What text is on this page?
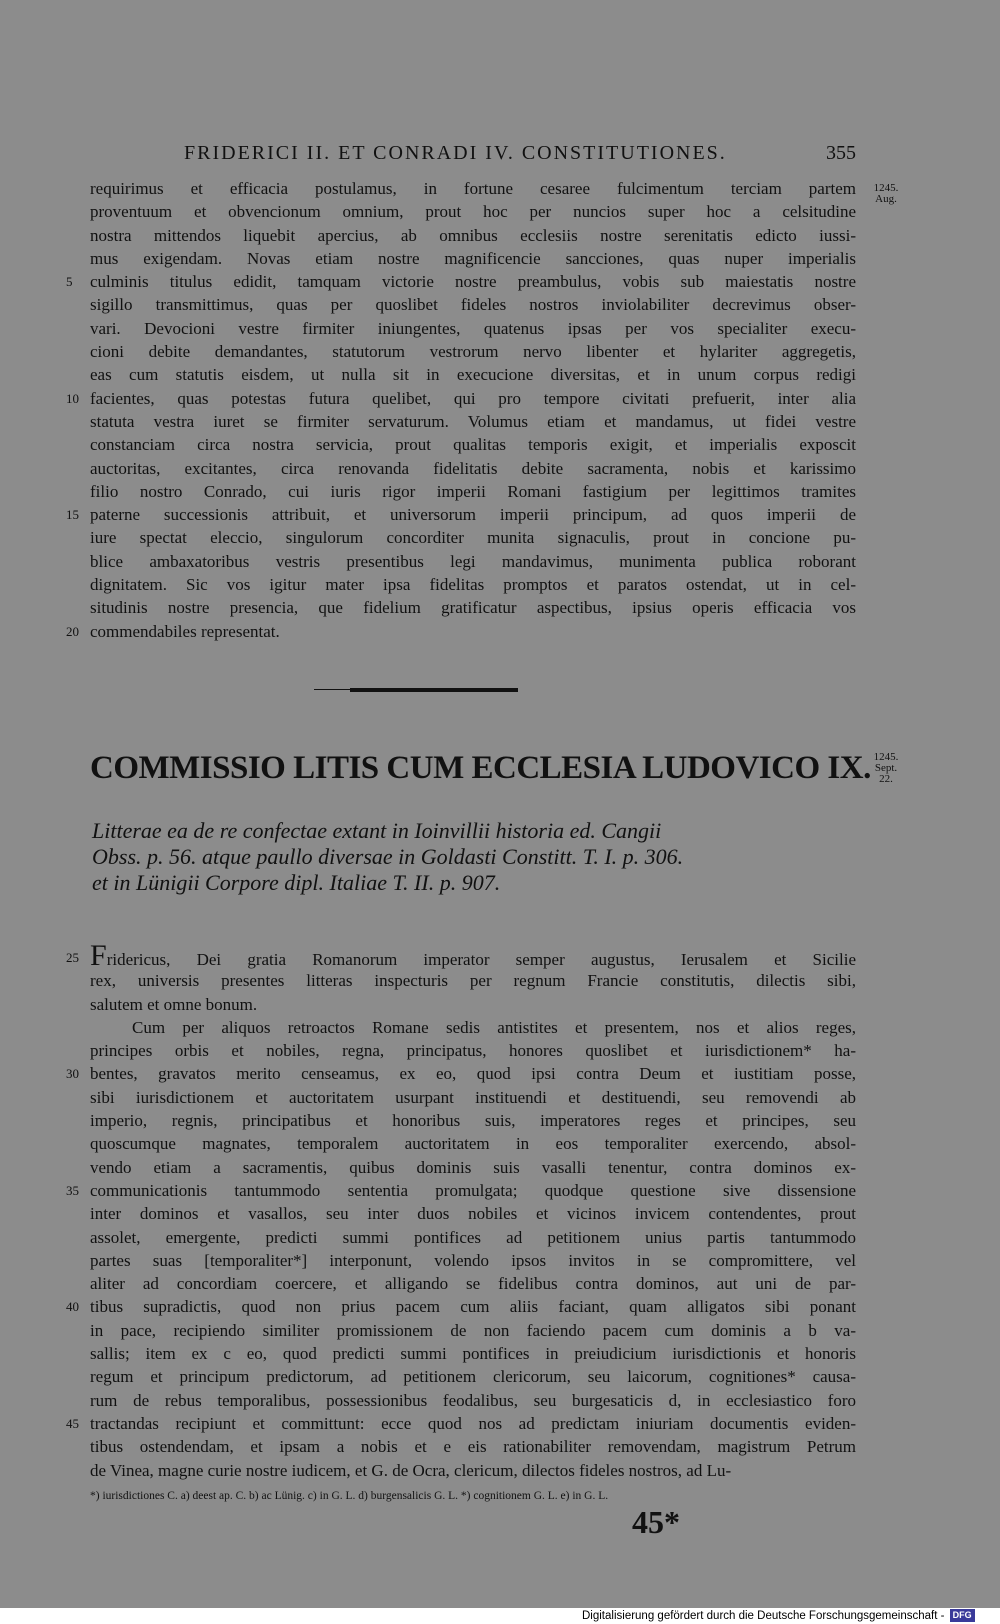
FRIDERICI II. ET CONRADI IV. CONSTITUTIONES.	355
1245.
Aug.
requirimus et efficacia postulamus, in fortune cesaree fulcimentum terciam partem
proventuum et obvencionum omnium, prout hoc per nuncios super hoc a celsitudine
nostra mittendos liquebit apercius, ab omnibus ecclesiis nostre serenitatis edicto iussi-
mus exigendam. Novas etiam nostre magnificencie sancciones, quas nuper imperialis
culminis titulus edidit, tamquam victorie nostre preambulus, vobis sub maiestatis nostre
5
sigillo transmittimus, quas per quoslibet fideles nostros inviolabiliter decrevimus obser-
vari. Devocioni vestre firmiter iniungentes, quatenus ipsas per vos specialiter execu-
cioni debite demandantes, statutorum vestrorum nervo libenter et hylariter aggregetis,
eas cum statutis eisdem, ut nulla sit in execucione diversitas, et in unum corpus redigi
facientes, quas potestas futura quelibet, qui pro tempore civitati prefuerit, inter alia
10
statuta vestra iuret se firmiter servaturum. Volumus etiam et mandamus, ut fidei vestre
constanciam circa nostra servicia, prout qualitas temporis exigit, et imperialis exposcit
auctoritas, excitantes, circa renovanda fidelitatis debite sacramenta, nobis et karissimo
filio nostro Conrado, cui iuris rigor imperii Romani fastigium per legittimos tramites
paterne successionis attribuit, et universorum imperii principum, ad quos imperii de
15
iure spectat eleccio, singulorum concorditer munita signaculis, prout in concione pu-
blice ambaxatoribus vestris presentibus legi mandavimus, munimenta publica roborant
dignitatem. Sic vos igitur mater ipsa fidelitas promptos et paratos ostendat, ut in cel-
situdinis nostre presencia, que fidelium gratificatur aspectibus, ipsius operis efficacia vos
commendabiles representat.
20
COMMISSIO LITIS CUM ECCLESIA LUDOVICO IX. 1245.
Sept.
22.
Litterae ea de re confectae extant in Ioinvillii historia ed. Cangii
Obss. p. 56. atque paullo diversae in Goldasti Constitt. T. I. p. 306.
et in Lünigii Corpore dipl. Italiae T. II. p. 907.
Fridericus, Dei gratia Romanorum imperator semper augustus, Ierusalem et Sicilie
25
rex, universis presentes litteras inspecturis per regnum Francie constitutis, dilectis sibi,
salutem et omne bonum.
Cum per aliquos retroactos Romane sedis antistites et presentem, nos et alios reges,
principes orbis et nobiles, regna, principatus, honores quoslibet et iurisdictionem* ha-
bentes, gravatos merito censeamus, ex eo, quod ipsi contra Deum et iustitiam posse,
30
sibi iurisdictionem et auctoritatem usurpant instituendi et destituendi, seu removendi ab
imperio, regnis, principatibus et honoribus suis, imperatores reges et principes, seu
quoscumque magnates, temporalem auctoritatem in eos temporaliter exercendo, absol-
vendo etiam a sacramentis, quibus dominis suis vasalli tenentur, contra dominos ex-
communicationis tantummodo sententia promulgata; quodque questione sive dissensione
35
inter dominos et vasallos, seu inter duos nobiles et vicinos invicem contendentes, prout
assolet, emergente, predicti summi pontifices ad petitionem unius partis tantummodo
partes suas [temporaliter*] interponunt, volendo ipsos invitos in se compromittere, vel
aliter ad concordiam coercere, et alligando se fidelibus contra dominos, aut uni de par-
tibus supradictis, quod non prius pacem cum aliis faciant, quam alligatos sibi ponant
40
in pace, recipiendo similiter promissionem de non faciendo pacem cum dominis a b va-
sallis; item ex c eo, quod predicti summi pontifices in preiudicium iurisdictionis et honoris
regum et principum predictorum, ad petitionem clericorum, seu laicorum, cognitiones* causa-
rum de rebus temporalibus, possessionibus feodalibus, seu burgesaticis d, in ecclesiastico foro
tractandas recipiunt et committunt: ecce quod nos ad predictam iniuriam documentis eviden-
45
tibus ostendendam, et ipsam a nobis et e eis rationabiliter removendam, magistrum Petrum
de Vinea, magne curie nostre iudicem, et G. de Ocra, clericum, dilectos fideles nostros, ad Lu-
*) iurisdictiones C. a) deest ap. C. b) ac Lünig. c) in G. L. d) burgensalicis G. L. *) cognitionem G. L. e) in G. L.
45*
Digitalisierung gefördert durch die Deutsche Forschungsgemeinschaft - DFG
